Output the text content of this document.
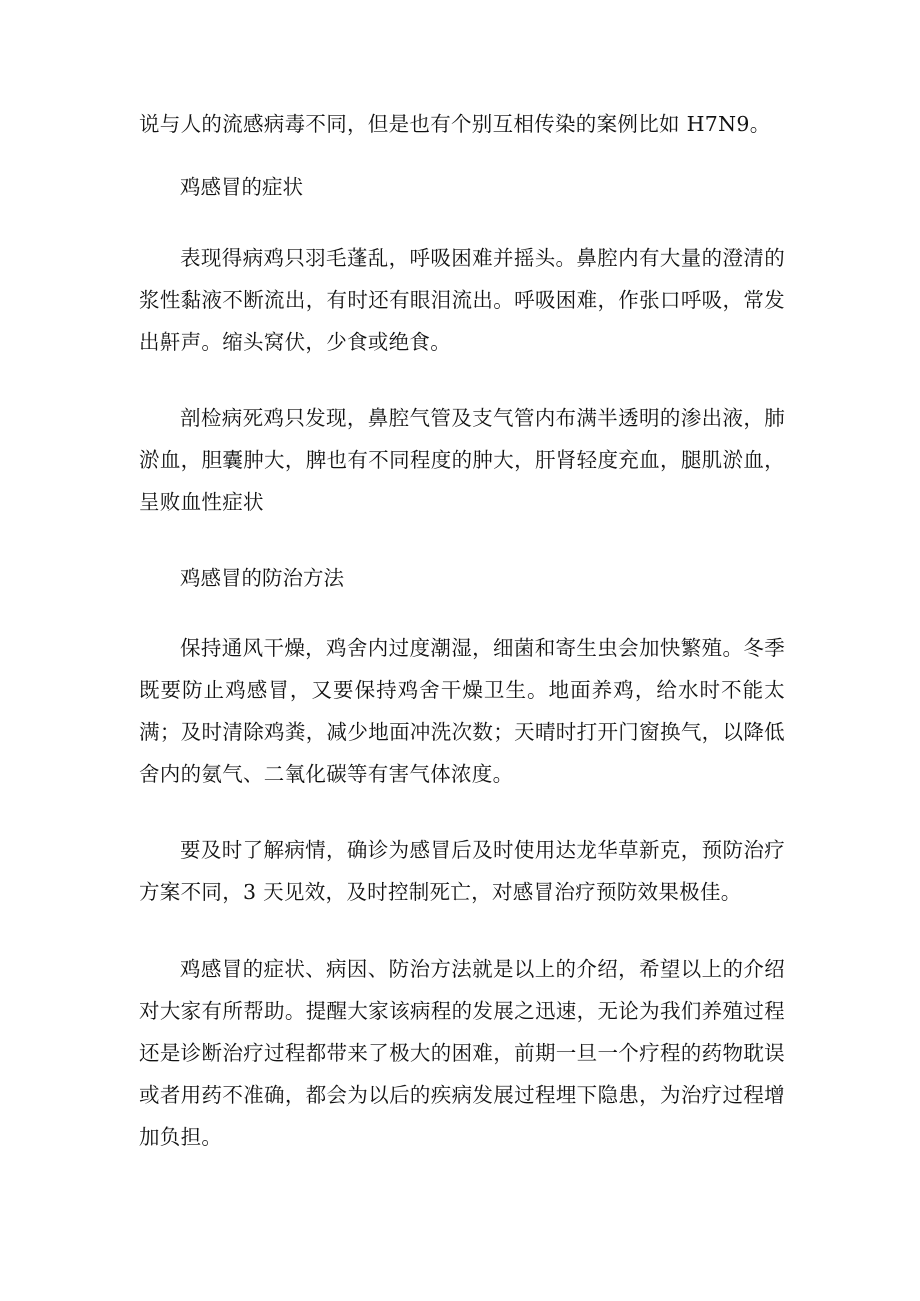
说与人的流感病毒不同，但是也有个别互相传染的案例比如 H7N9。

鸡感冒的症状

表现得病鸡只羽毛蓬乱，呼吸困难并摇头。鼻腔内有大量的澄清的浆性黏液不断流出，有时还有眼泪流出。呼吸困难，作张口呼吸，常发出鼾声。缩头窝伏，少食或绝食。

剖检病死鸡只发现，鼻腔气管及支气管内布满半透明的渗出液，肺淤血，胆囊肿大，脾也有不同程度的肿大，肝肾轻度充血，腿肌淤血，呈败血性症状

鸡感冒的防治方法

保持通风干燥，鸡舍内过度潮湿，细菌和寄生虫会加快繁殖。冬季既要防止鸡感冒，又要保持鸡舍干燥卫生。地面养鸡，给水时不能太满；及时清除鸡粪，减少地面冲洗次数；天晴时打开门窗换气，以降低舍内的氨气、二氧化碳等有害气体浓度。

要及时了解病情，确诊为感冒后及时使用达龙华草新克，预防治疗方案不同，3 天见效，及时控制死亡，对感冒治疗预防效果极佳。

鸡感冒的症状、病因、防治方法就是以上的介绍，希望以上的介绍对大家有所帮助。提醒大家该病程的发展之迅速，无论为我们养殖过程还是诊断治疗过程都带来了极大的困难，前期一旦一个疗程的药物耽误或者用药不准确，都会为以后的疾病发展过程埋下隐患，为治疗过程增加负担。
